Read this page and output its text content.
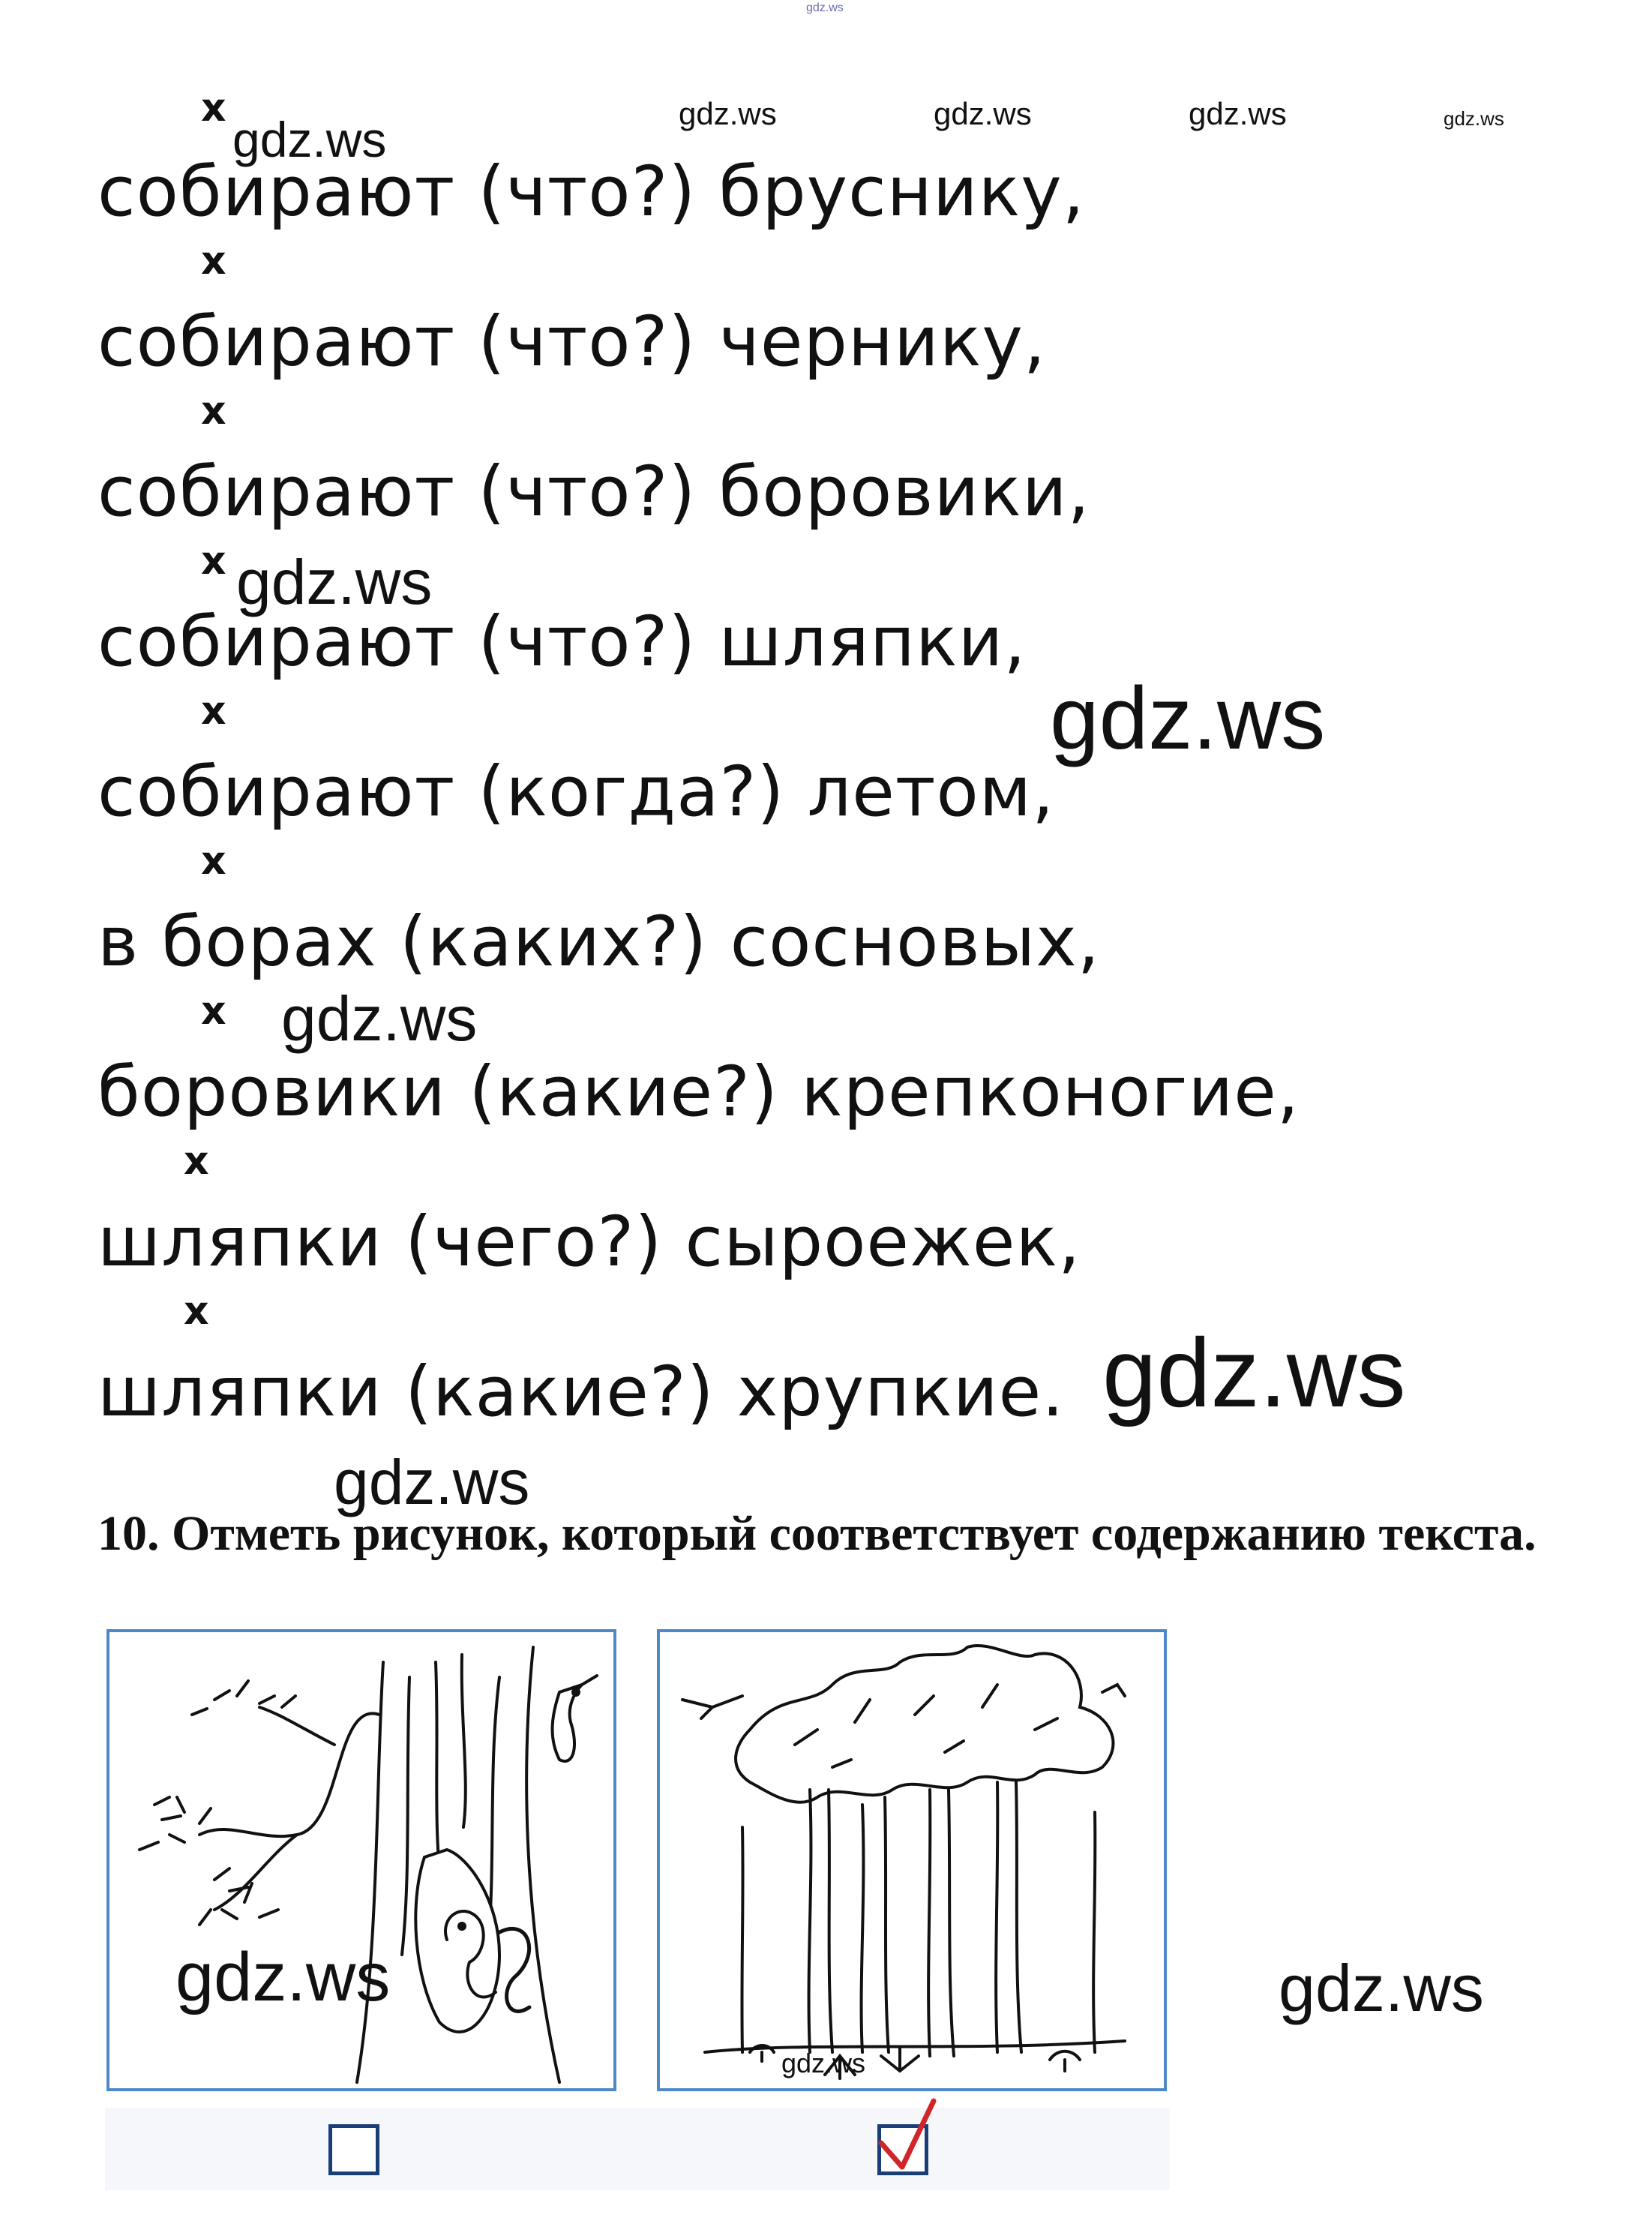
gdz.ws
gdz.ws	gdz.ws	gdz.ws	gdz.ws
x
x
x
x
x
x
x
x
x
собирают (что?) бруснику,
собирают (что?) чернику,
собирают (что?) боровики,
собирают (что?) шляпки,
собирают (когда?) летом,
в борах (каких?) сосновых,
боровики (какие?) крепконогие,
шляпки (чего?) сыроежек,
шляпки (какие?) хрупкие.
gdz.ws
gdz.ws
gdz.ws
gdz.ws
gdz.ws
10. Отметь рисунок, который соответствует содержанию текста.
gdz.ws
gdz.ws
gdz.ws
gdz.ws
